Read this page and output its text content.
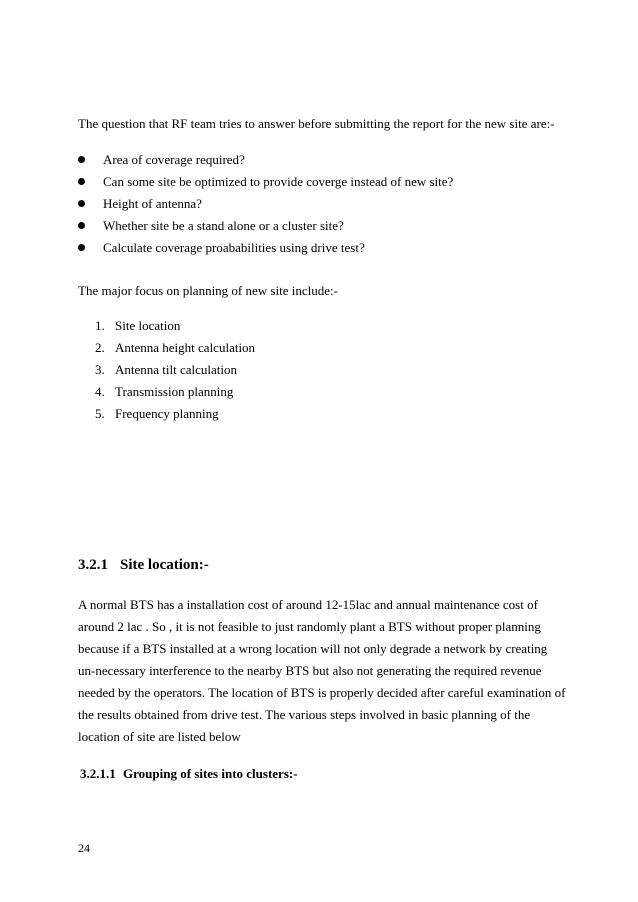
The question that RF team tries to answer before submitting the report for the new site are:-
Area of coverage required?
Can some site be optimized to provide coverge instead of new site?
Height of antenna?
Whether site be a stand alone or a cluster site?
Calculate coverage proababilities using drive test?
The major focus on planning of new site include:-
1. Site location
2. Antenna height calculation
3. Antenna tilt calculation
4. Transmission planning
5. Frequency planning
3.2.1 Site location:-
A normal BTS has a installation cost of around 12-15lac and annual maintenance cost of
around 2 lac . So , it is not feasible to just randomly plant a BTS without proper planning
because if a BTS installed at a wrong location will not only degrade a network by creating
un-necessary interference to the nearby BTS but also not generating the required revenue
needed by the operators. The location of BTS is properly decided after careful examination of
the results obtained from drive test. The various steps involved in basic planning of the
location of site are listed below
3.2.1.1 Grouping of sites into clusters:-
24
